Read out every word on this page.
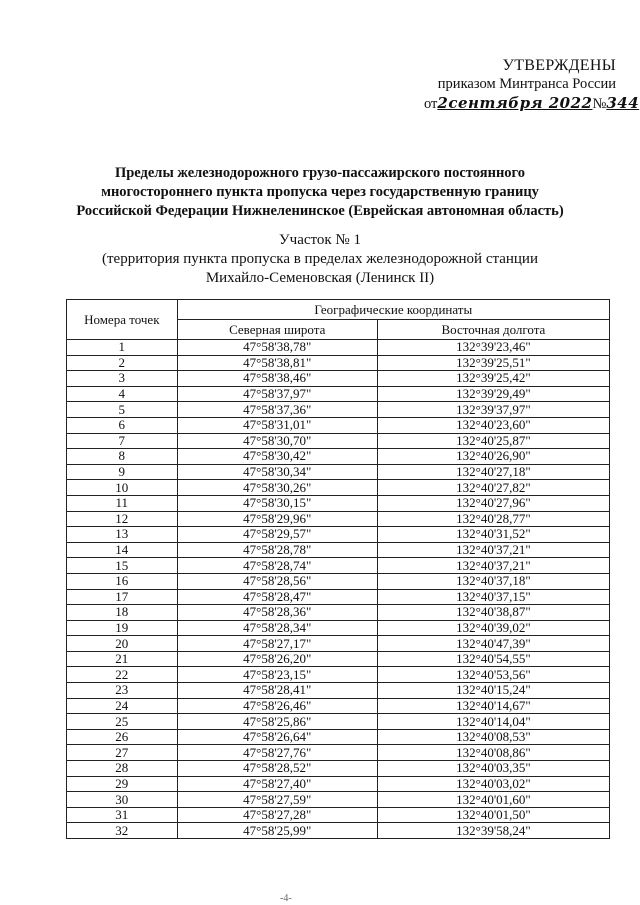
УТВЕРЖДЕНЫ
приказом Минтранса России
от2сентября 2022№344
Пределы железнодорожного грузо-пассажирского постоянного
многостороннего пункта пропуска через государственную границу
Российской Федерации Нижнеленинское (Еврейская автономная область)
Участок № 1
(территория пункта пропуска в пределах железнодорожной станции
Михайло-Семеновская (Ленинск II)
Номера точек	Географические координаты	
	Северная широта	Восточная долгота
1	47°58'38,78"	132°39'23,46"
2	47°58'38,81"	132°39'25,51"
3	47°58'38,46"	132°39'25,42"
4	47°58'37,97"	132°39'29,49"
5	47°58'37,36"	132°39'37,97"
6	47°58'31,01"	132°40'23,60"
7	47°58'30,70"	132°40'25,87"
8	47°58'30,42"	132°40'26,90"
9	47°58'30,34"	132°40'27,18"
10	47°58'30,26"	132°40'27,82"
11	47°58'30,15"	132°40'27,96"
12	47°58'29,96"	132°40'28,77"
13	47°58'29,57"	132°40'31,52"
14	47°58'28,78"	132°40'37,21"
15	47°58'28,74"	132°40'37,21"
16	47°58'28,56"	132°40'37,18"
17	47°58'28,47"	132°40'37,15"
18	47°58'28,36"	132°40'38,87"
19	47°58'28,34"	132°40'39,02"
20	47°58'27,17"	132°40'47,39"
21	47°58'26,20"	132°40'54,55"
22	47°58'23,15"	132°40'53,56"
23	47°58'28,41"	132°40'15,24"
24	47°58'26,46"	132°40'14,67"
25	47°58'25,86"	132°40'14,04"
26	47°58'26,64"	132°40'08,53"
27	47°58'27,76"	132°40'08,86"
28	47°58'28,52"	132°40'03,35"
29	47°58'27,40"	132°40'03,02"
30	47°58'27,59"	132°40'01,60"
31	47°58'27,28"	132°40'01,50"
32	47°58'25,99"	132°39'58,24"
-4-
